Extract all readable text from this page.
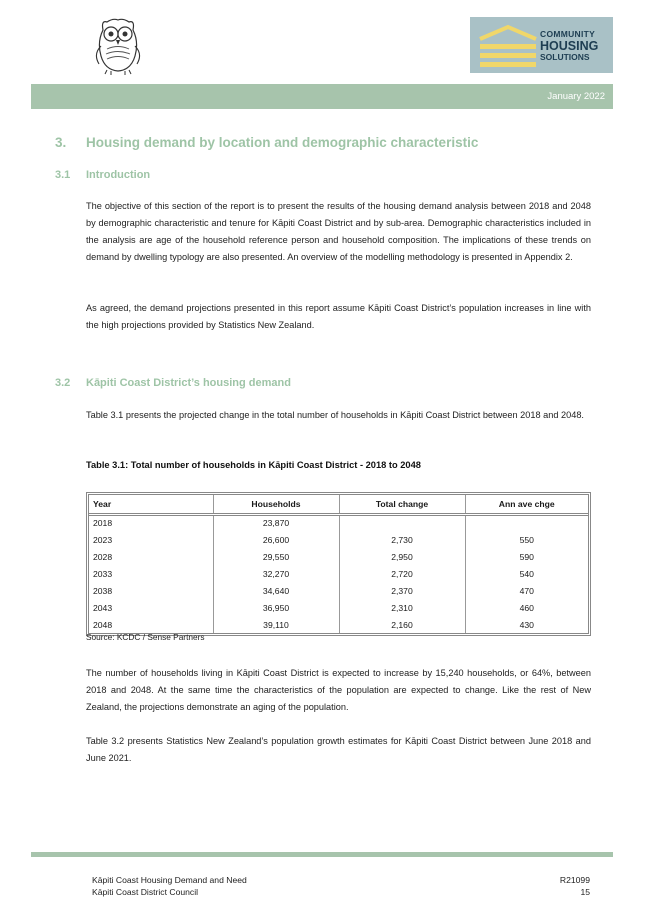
COMMUNITY
HOUSING
SOLUTIONS
January 2022
3. Housing demand by location and demographic characteristic
3.1 Introduction

The objective of this section of the report is to present the results of the housing demand analysis between 2018 and 2048 by demographic characteristic and tenure for Kāpiti Coast District and by sub-area. Demographic characteristics included in the analysis are age of the household reference person and household composition. The implications of these trends on demand by dwelling typology are also presented. An overview of the modelling methodology is presented in Appendix 2.

As agreed, the demand projections presented in this report assume Kāpiti Coast District’s population increases in line with the high projections provided by Statistics New Zealand.

3.2 Kāpiti Coast District’s housing demand

Table 3.1 presents the projected change in the total number of households in Kāpiti Coast District between 2018 and 2048.

Table 3.1: Total number of households in Kāpiti Coast District - 2018 to 2048
Year	Households	Total change	Ann ave chge
2018	23,870		
2023	26,600	2,730	550
2028	29,550	2,950	590
2033	32,270	2,720	540
2038	34,640	2,370	470
2043	36,950	2,310	460
2048	39,110	2,160	430
Source: KCDC / Sense Partners

The number of households living in Kāpiti Coast District is expected to increase by 15,240 households, or 64%, between 2018 and 2048. At the same time the characteristics of the population are expected to change. Like the rest of New Zealand, the projections demonstrate an aging of the population.

Table 3.2 presents Statistics New Zealand’s population growth estimates for Kāpiti Coast District between June 2018 and June 2021.

Kāpiti Coast Housing Demand and Need
Kāpiti Coast District Council
R21099
15
